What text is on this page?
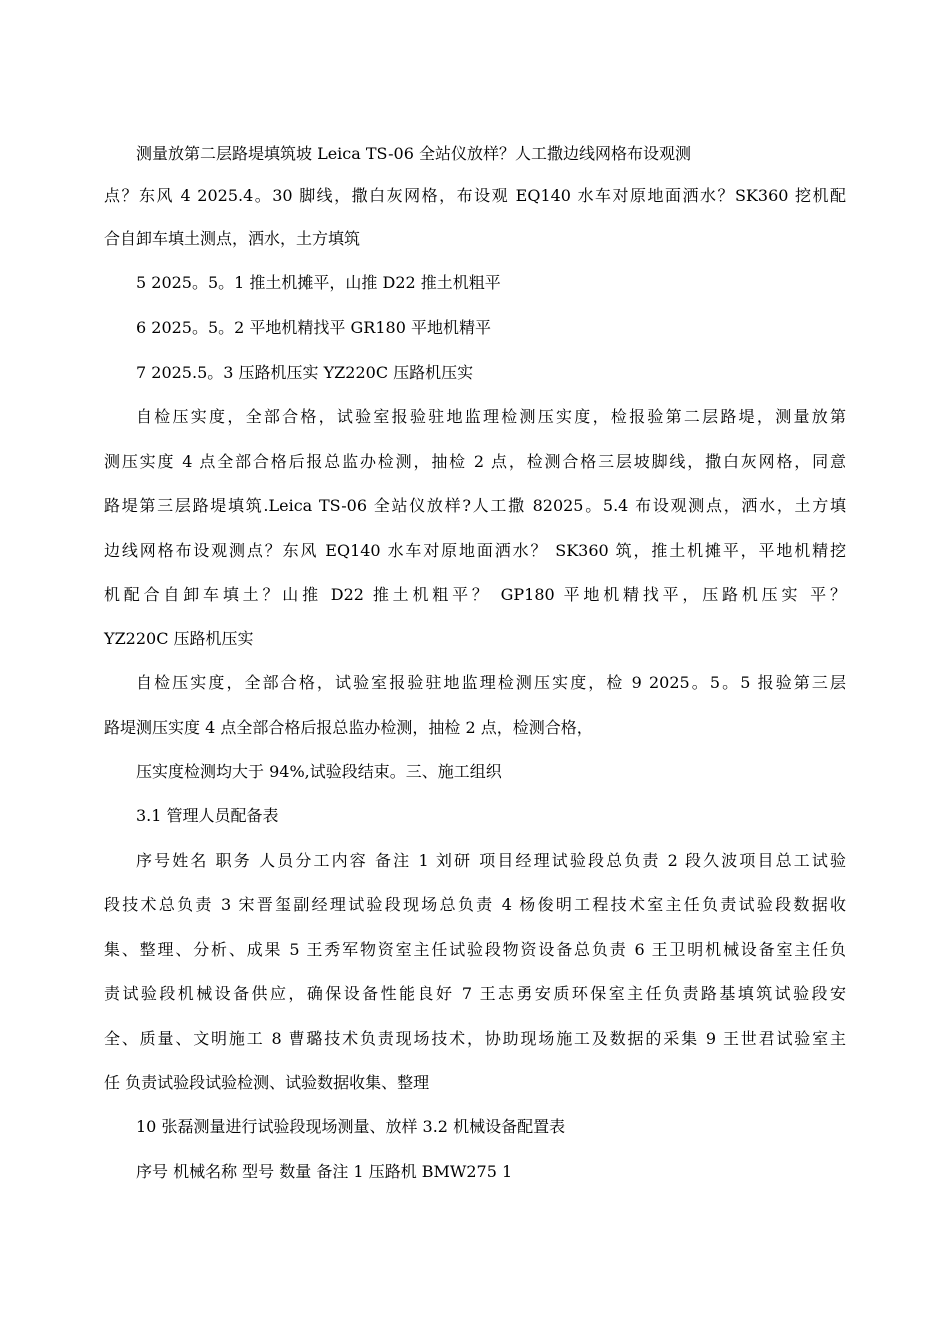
测量放第二层路堤填筑坡 Leica TS-06 全站仪放样？人工撒边线网格布设观测
点？东风 4 2025.4。30 脚线，撒白灰网格，布设观 EQ140 水车对原地面洒水？SK360 挖机配
合自卸车填土测点，洒水，土方填筑
5 2025。5。1 推土机摊平，山推 D22 推土机粗平
6 2025。5。2 平地机精找平 GR180 平地机精平
7 2025.5。3 压路机压实 YZ220C 压路机压实
自检压实度，全部合格，试验室报验驻地监理检测压实度，检报验第二层路堤，测量放第
测压实度 4 点全部合格后报总监办检测，抽检 2 点，检测合格三层坡脚线，撒白灰网格，同意
路堤第三层路堤填筑.Leica TS-06 全站仪放样?人工撒 82025。5.4 布设观测点，洒水，土方填
边线网格布设观测点？东风 EQ140 水车对原地面洒水？ SK360 筑，推土机摊平，平地机精挖
机配合自卸车填土？山推 D22 推土机粗平？ GP180 平地机精找平，压路机压实 平？
YZ220C 压路机压实
自检压实度，全部合格，试验室报验驻地监理检测压实度，检 9 2025。5。5 报验第三层
路堤测压实度 4 点全部合格后报总监办检测，抽检 2 点，检测合格，
压实度检测均大于 94%,试验段结束。三、施工组织
3.1 管理人员配备表
序号姓名 职务 人员分工内容 备注 1 刘研 项目经理试验段总负责 2 段久波项目总工试验
段技术总负责 3 宋晋玺副经理试验段现场总负责 4 杨俊明工程技术室主任负责试验段数据收
集、整理、分析、成果 5 王秀军物资室主任试验段物资设备总负责 6 王卫明机械设备室主任负
责试验段机械设备供应，确保设备性能良好 7 王志勇安质环保室主任负责路基填筑试验段安
全、质量、文明施工 8 曹璐技术负责现场技术，协助现场施工及数据的采集 9 王世君试验室主
任 负责试验段试验检测、试验数据收集、整理
10 张磊测量进行试验段现场测量、放样 3.2 机械设备配置表
序号 机械名称 型号 数量 备注 1 压路机 BMW275 1
